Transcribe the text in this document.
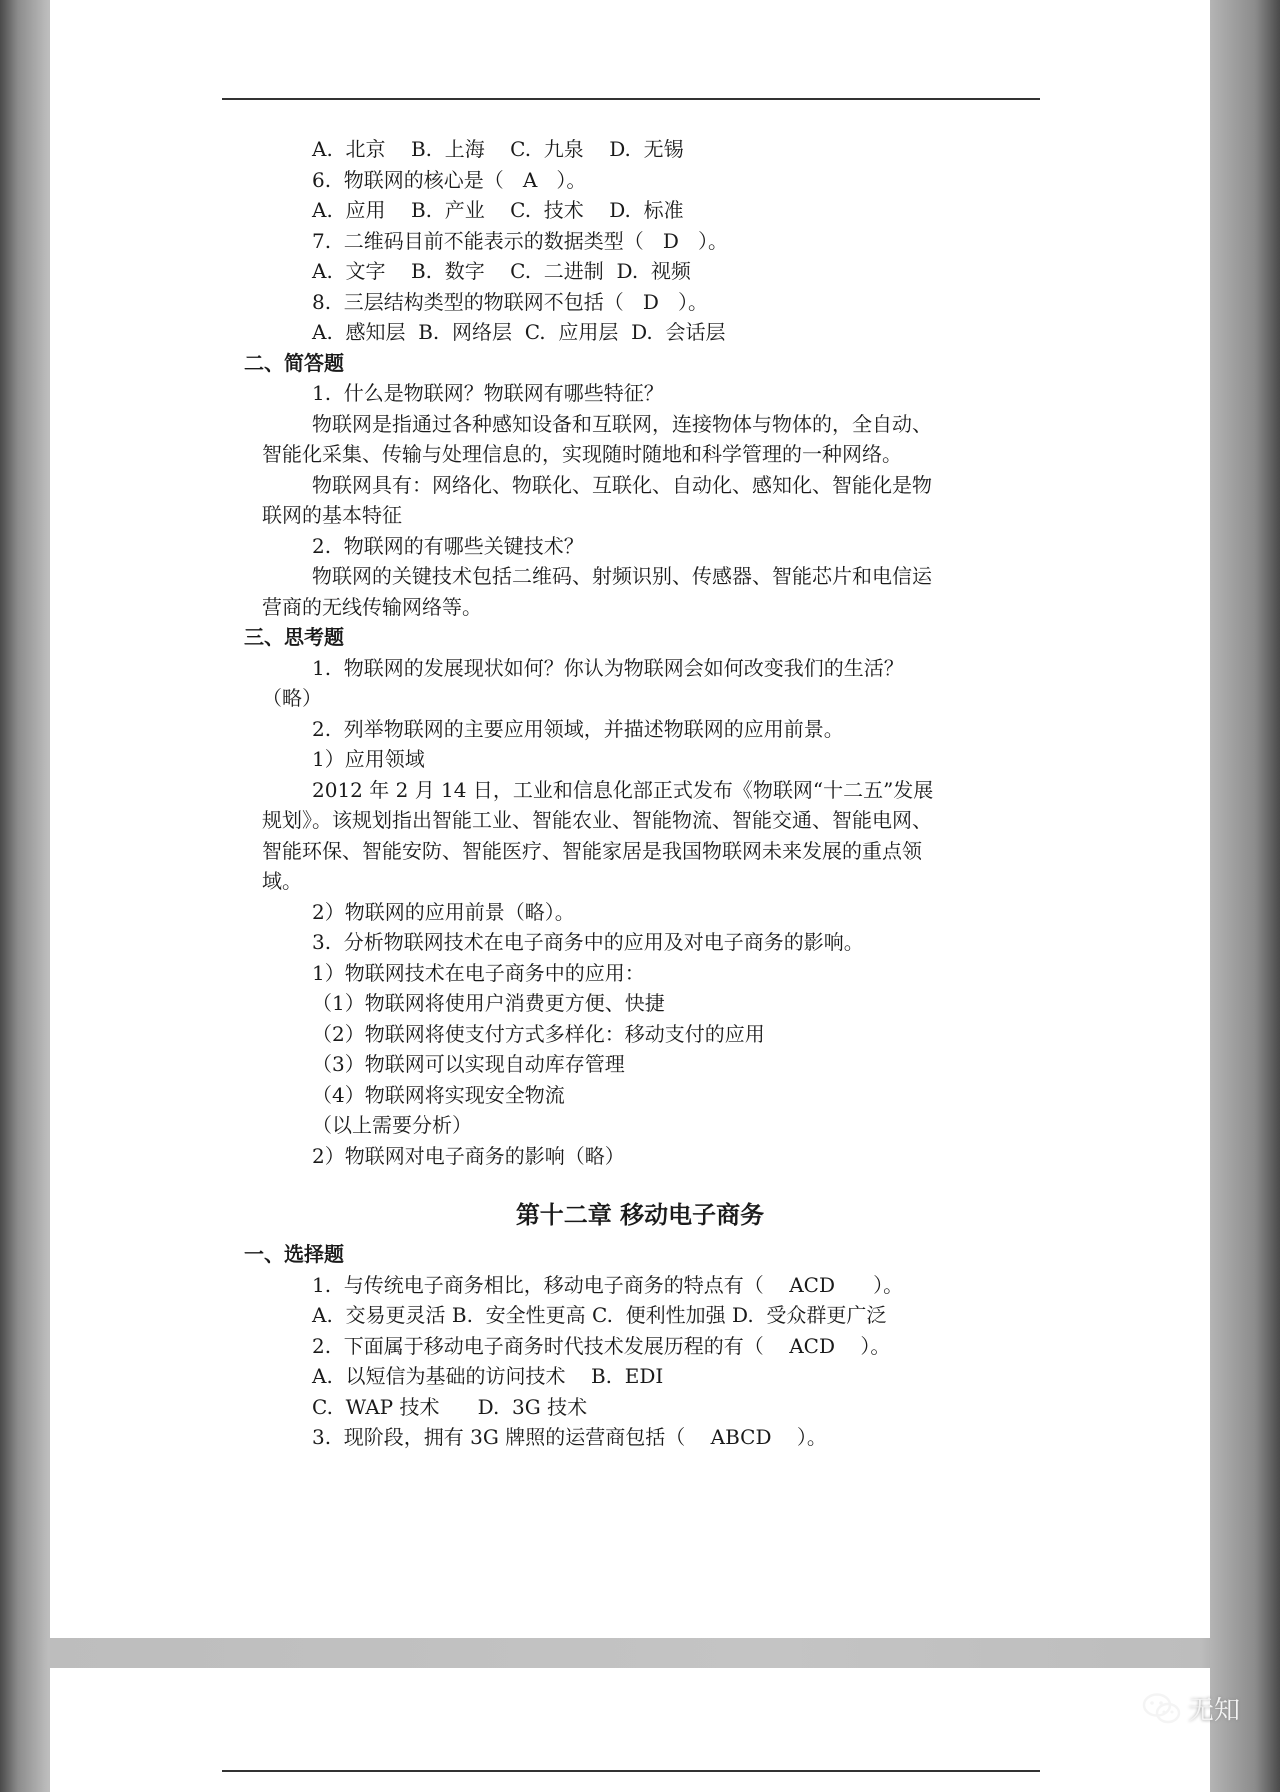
A.  北京    B.  上海    C.  九泉    D.  无锡
6.  物联网的核心是（   A   ）。
A.  应用    B.  产业    C.  技术    D.  标准
7.  二维码目前不能表示的数据类型（   D   ）。
A.  文字    B.  数字    C.  二进制  D.  视频
8.  三层结构类型的物联网不包括（   D   ）。
A.  感知层  B.  网络层  C.  应用层  D.  会话层
二、简答题
1.  什么是物联网？物联网有哪些特征？
物联网是指通过各种感知设备和互联网，连接物体与物体的，全自动、
智能化采集、传输与处理信息的，实现随时随地和科学管理的一种网络。
物联网具有：网络化、物联化、互联化、自动化、感知化、智能化是物
联网的基本特征
2.  物联网的有哪些关键技术？
物联网的关键技术包括二维码、射频识别、传感器、智能芯片和电信运
营商的无线传输网络等。
三、思考题
1.  物联网的发展现状如何？你认为物联网会如何改变我们的生活？
（略）
2.  列举物联网的主要应用领域，并描述物联网的应用前景。
1）应用领域
2012 年 2 月 14 日，工业和信息化部正式发布《物联网“十二五”发展
规划》。该规划指出智能工业、智能农业、智能物流、智能交通、智能电网、
智能环保、智能安防、智能医疗、智能家居是我国物联网未来发展的重点领
域。
2）物联网的应用前景（略）。
3.  分析物联网技术在电子商务中的应用及对电子商务的影响。
1）物联网技术在电子商务中的应用：
（1）物联网将使用户消费更方便、快捷
（2）物联网将使支付方式多样化：移动支付的应用
（3）物联网可以实现自动库存管理
（4）物联网将实现安全物流
（以上需要分析）
2）物联网对电子商务的影响（略）
第十二章 移动电子商务
一、选择题
1.  与传统电子商务相比，移动电子商务的特点有（    ACD      ）。
A.  交易更灵活 B.  安全性更高 C.  便利性加强 D.  受众群更广泛
2.  下面属于移动电子商务时代技术发展历程的有（    ACD    ）。
A.  以短信为基础的访问技术    B.  EDI
C.  WAP 技术      D.  3G 技术
3.  现阶段，拥有 3G 牌照的运营商包括（    ABCD    ）。
无知
